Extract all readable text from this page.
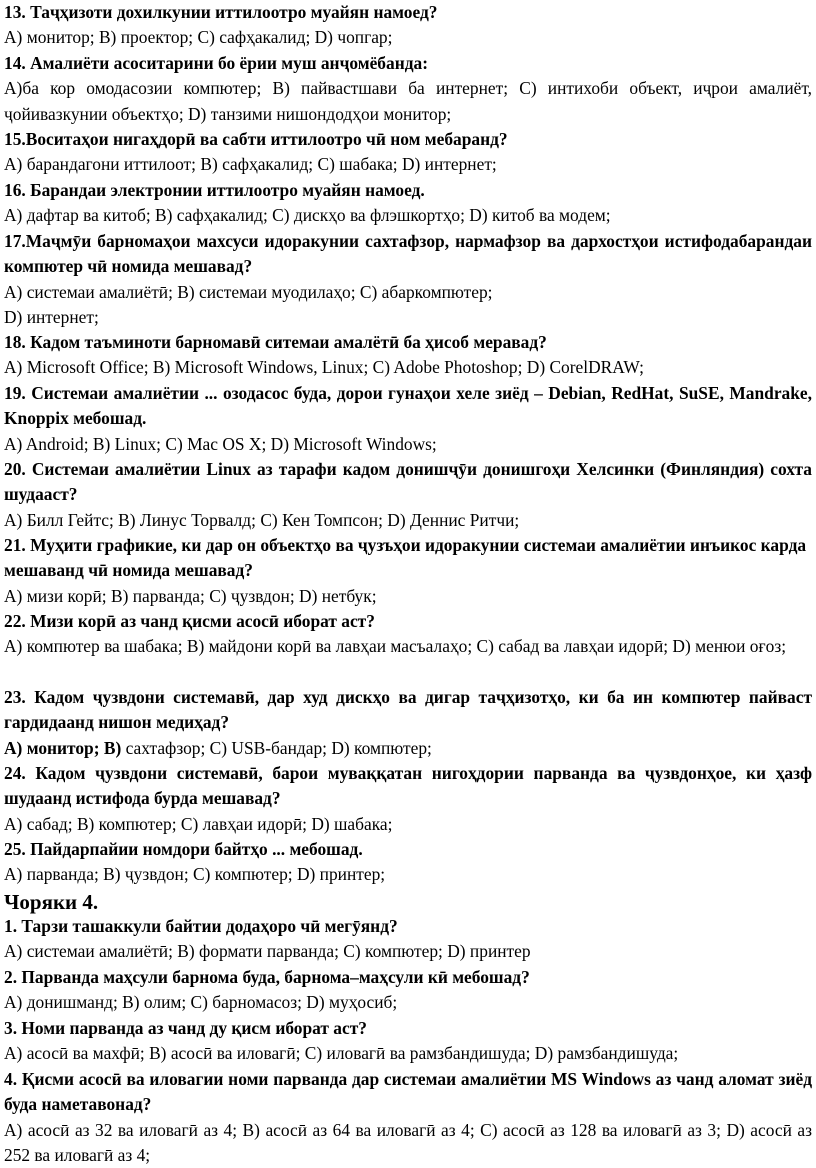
13. Таҷҳизоти дохилкунии иттилоотро муайян намоед?
A) монитор; B) проектор; C) сафҳакалид; D) чопгар;
14. Амалиёти асоситарини бо ёрии муш анҷомёбанда:
A)ба кор омодасозии компютер; B) пайвастшави ба интернет; C) интихоби объект, иҷрои амалиёт, ҷойивазкунии объектҳо; D) танзими нишондодҳои монитор;
15.Воситаҳои нигаҳдорӣ ва сабти иттилоотро чӣ ном мебаранд?
A) барандагони иттилоот; B) сафҳакалид; C) шабака; D) интернет;
16. Барандаи электронии иттилоотро муайян намоед.
A) дафтар ва китоб; B) сафҳакалид; C) дискҳо ва флэшкортҳо; D) китоб ва модем;
17.Маҷмӯи барномаҳои махсуси идоракунии сахтафзор, нармафзор ва дархостҳои истифодабарандаи компютер чӣ номида мешавад?
A) системаи амалиётӣ; B) системаи муодилаҳо; C) абаркомпютер;
D) интернет;
18. Кадом таъминоти барномавӣ ситемаи амалётӣ ба ҳисоб меравад?
A) Microsoft Office; B) Microsoft Windows, Linux; C) Adobe Photoshop; D) CorelDRAW;
19. Системаи амалиётии ... озодасос буда, дорои гунаҳои хеле зиёд – Debian, RedHat, SuSE, Mandrake, Knoppix мебошад.
A) Android; B) Linux; C) Mac OS X; D) Microsoft Windows;
20. Системаи амалиётии Linux аз тарафи кадом донишҷӯи донишгоҳи Хелсинки (Финляндия) сохта шудааст?
A) Билл Гейтс; B) Линус Торвалд; C) Кен Томпсон; D) Деннис Ритчи;
21. Муҳити графикие, ки дар он объектҳо ва ҷузъҳои идоракунии системаи амалиётии инъикос карда мешаванд чӣ номида мешавад?
A) мизи корӣ; B) парванда; C) ҷузвдон; D) нетбук;
22. Мизи корӣ аз чанд қисми асосӣ иборат аст?
A) компютер ва шабака; B) майдони корӣ ва лавҳаи масъалаҳо; C) сабад ва лавҳаи идорӣ; D) менюи оғоз;
23. Кадом ҷузвдони системавӣ, дар худ дискҳо ва дигар таҷҳизотҳо, ки ба ин компютер пайваст гардидаанд нишон медиҳад?
A) монитор; B) сахтафзор; C) USB-бандар; D) компютер;
24. Кадом ҷузвдони системавӣ, барои муваққатан нигоҳдории парванда ва ҷузвдонҳое, ки ҳазф шудаанд истифода бурда мешавад?
A) сабад; B) компютер; C) лавҳаи идорӣ; D) шабака;
25. Пайдарпайии номдори байтҳо ... мебошад.
A) парванда; B) ҷузвдон; C) компютер; D) принтер;
Чоряки 4.
1. Тарзи ташаккули байтии додаҳоро чӣ мегӯянд?
A) системаи амалиётӣ; B) формати парванда; C) компютер; D) принтер
2. Парванда маҳсули барнома буда, барнома–маҳсули кӣ мебошад?
A) донишманд; B) олим; C) барномасоз; D) муҳосиб;
3. Номи парванда аз чанд ду қисм иборат аст?
A) асосӣ ва махфӣ; B) асосӣ ва иловагӣ; C) иловагӣ ва рамзбандишуда; D) рамзбандишуда;
4. Қисми асосӣ ва иловагии номи парванда дар системаи амалиётии MS Windows аз чанд аломат зиёд буда наметавонад?
A) асосӣ аз 32 ва иловагӣ аз 4; B) асосӣ аз 64 ва иловагӣ аз 4; C) асосӣ аз 128 ва иловагӣ аз 3; D) асосӣ аз 252 ва иловагӣ аз 4;
